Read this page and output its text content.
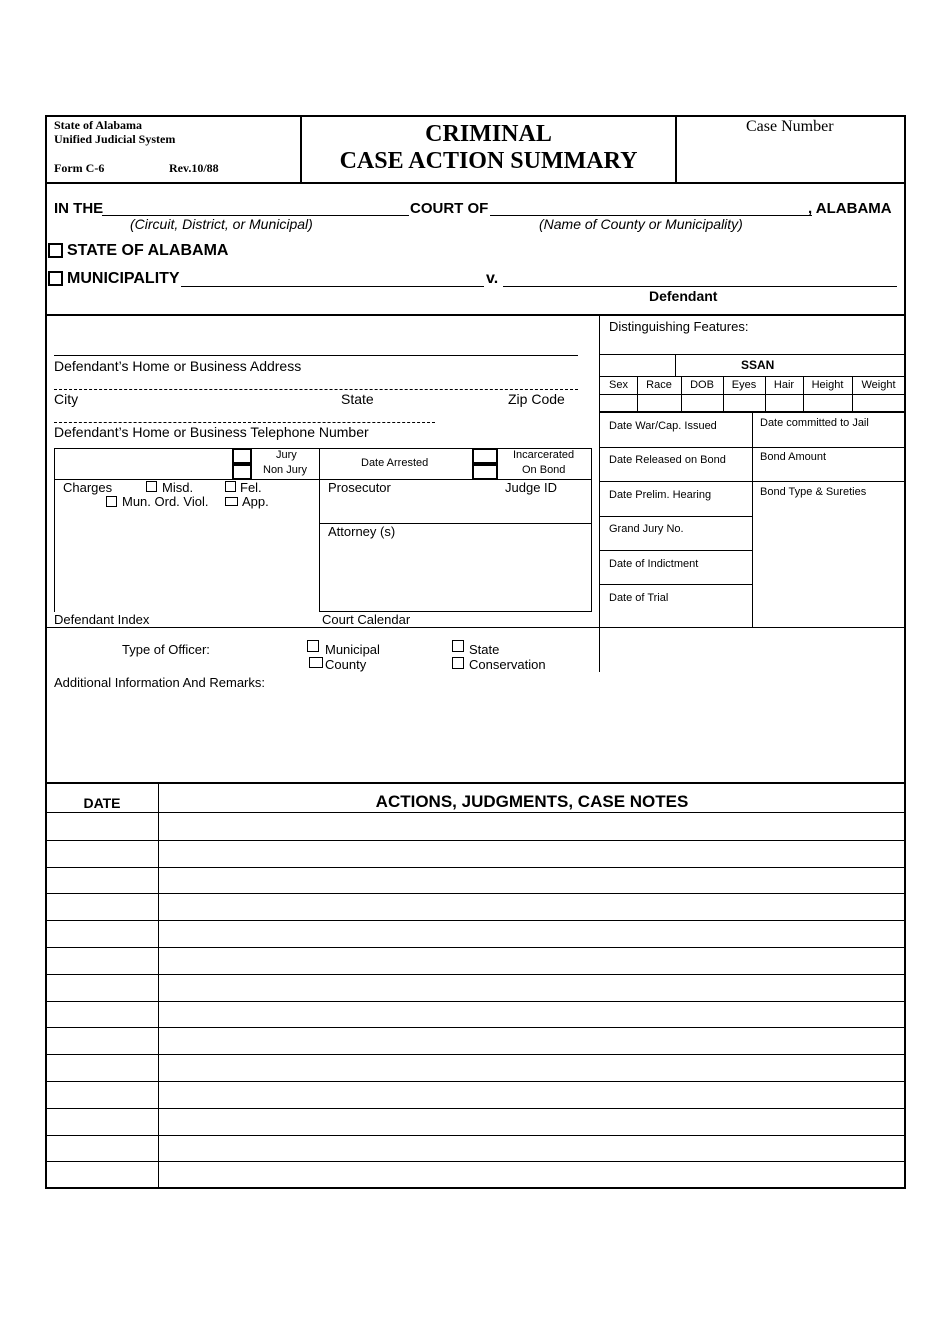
State of Alabama
Unified Judicial System
Form C-6	Rev.10/88
CRIMINAL
CASE ACTION SUMMARY
Case Number
IN THE
(Circuit, District, or Municipal)
COURT OF
(Name of County or Municipality)
, ALABAMA
STATE OF ALABAMA
MUNICIPALITY	v.
Defendant
Defendant’s Home or Business Address
City	State	Zip Code
Defendant’s Home or Business Telephone Number
Jury
Non Jury
Date Arrested
Incarcerated
On Bond
Charges	Misd.	Fel.
Mun. Ord. Viol.	App.
Prosecutor	Judge ID
Attorney (s)
Defendant Index	Court Calendar
Type of Officer:	Municipal
County
State
Conservation
Additional Information And Remarks:
Distinguishing Features:
SSAN
Sex	Race	DOB	Eyes	Hair	Height	Weight
Date War/Cap. Issued	Date committed to Jail
Date Released on Bond	Bond Amount
Date Prelim. Hearing	Bond Type & Sureties
Grand Jury No.
Date of Indictment
Date of Trial
DATE	ACTIONS, JUDGMENTS, CASE NOTES
